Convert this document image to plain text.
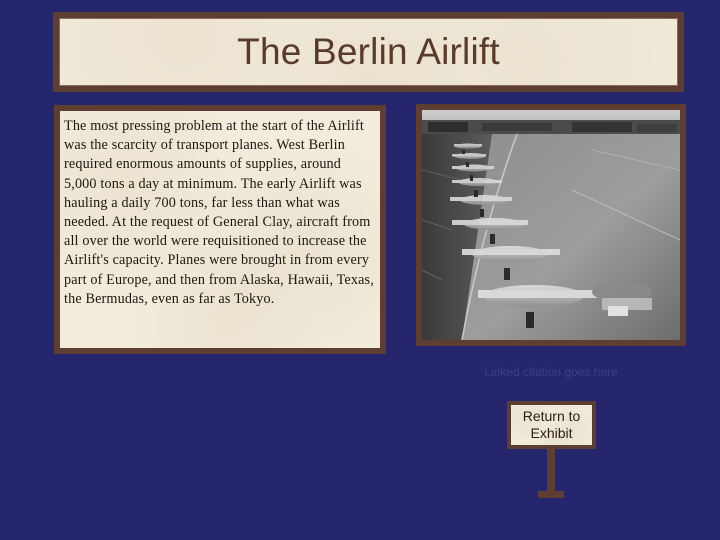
The Berlin Airlift

The most pressing problem at the start of the Airlift was the scarcity of transport planes. West Berlin required enormous amounts of supplies, around 5,000 tons a day at minimum. The early Airlift was hauling a daily 700 tons, far less than what was needed. At the request of General Clay, aircraft from all over the world were requisitioned to increase the Airlift's capacity. Planes were brought in from every part of Europe, and then from Alaska, Hawaii, Texas, the Bermudas, even as far as Tokyo.

Linked citation goes here
Return to
Exhibit
